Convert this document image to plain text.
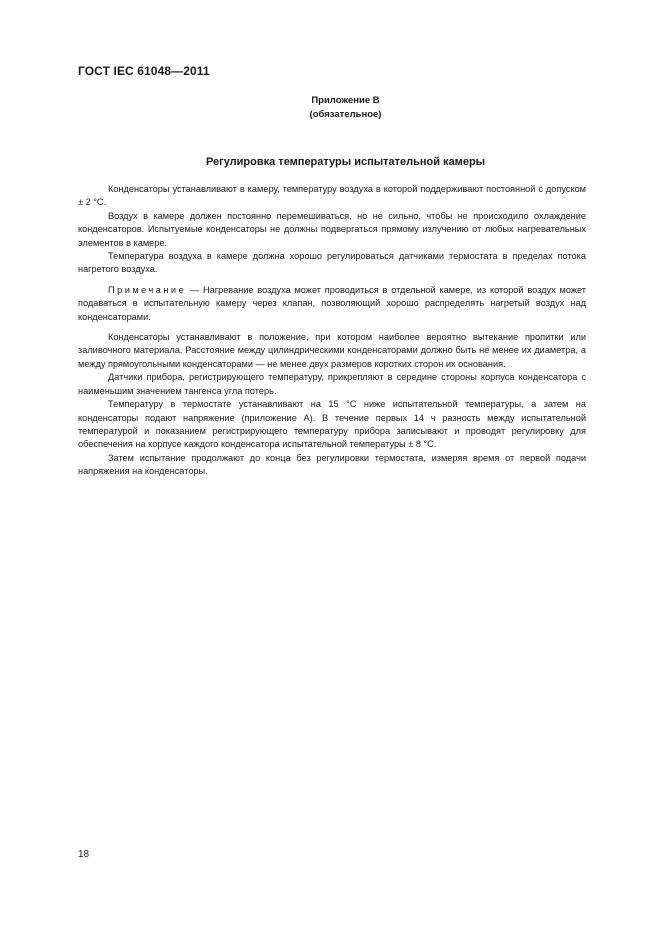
ГОСТ IEC 61048—2011
Приложение В
(обязательное)
Регулировка температуры испытательной камеры

Конденсаторы устанавливают в камеру, температуру воздуха в которой поддерживают постоянной с допуском ± 2 °С.

Воздух в камере должен постоянно перемешиваться, но не сильно, чтобы не происходило охлаждение конденсаторов. Испытуемые конденсаторы не должны подвергаться прямому излучению от любых нагревательных элементов в камере.

Температура воздуха в камере должна хорошо регулироваться датчиками термостата в пределах потока нагретого воздуха.

Примечание — Нагревание воздуха может проводиться в отдельной камере, из которой воздух может подаваться в испытательную камеру через клапан, позволяющий хорошо распределять нагретый воздух над конденсаторами.

Конденсаторы устанавливают в положение, при котором наиболее вероятно вытекание пропитки или заливочного материала. Расстояние между цилиндрическими конденсаторами должно быть не менее их диаметра, а между прямоугольными конденсаторами — не менее двух размеров коротких сторон их основания.

Датчики прибора, регистрирующего температуру, прикрепляют в середине стороны корпуса конденсатора с наименьшим значением тангенса угла потерь.

Температуру в термостате устанавливают на 15 °С ниже испытательной температуры, а затем на конденсаторы подают напряжение (приложение А). В течение первых 14 ч разность между испытательной температурой и показанием регистрирующего температуру прибора записывают и проводят регулировку для обеспечения на корпусе каждого конденсатора испытательной температуры ± 8 °С.

Затем испытание продолжают до конца без регулировки термостата, измеряя время от первой подачи напряжения на конденсаторы.

18
